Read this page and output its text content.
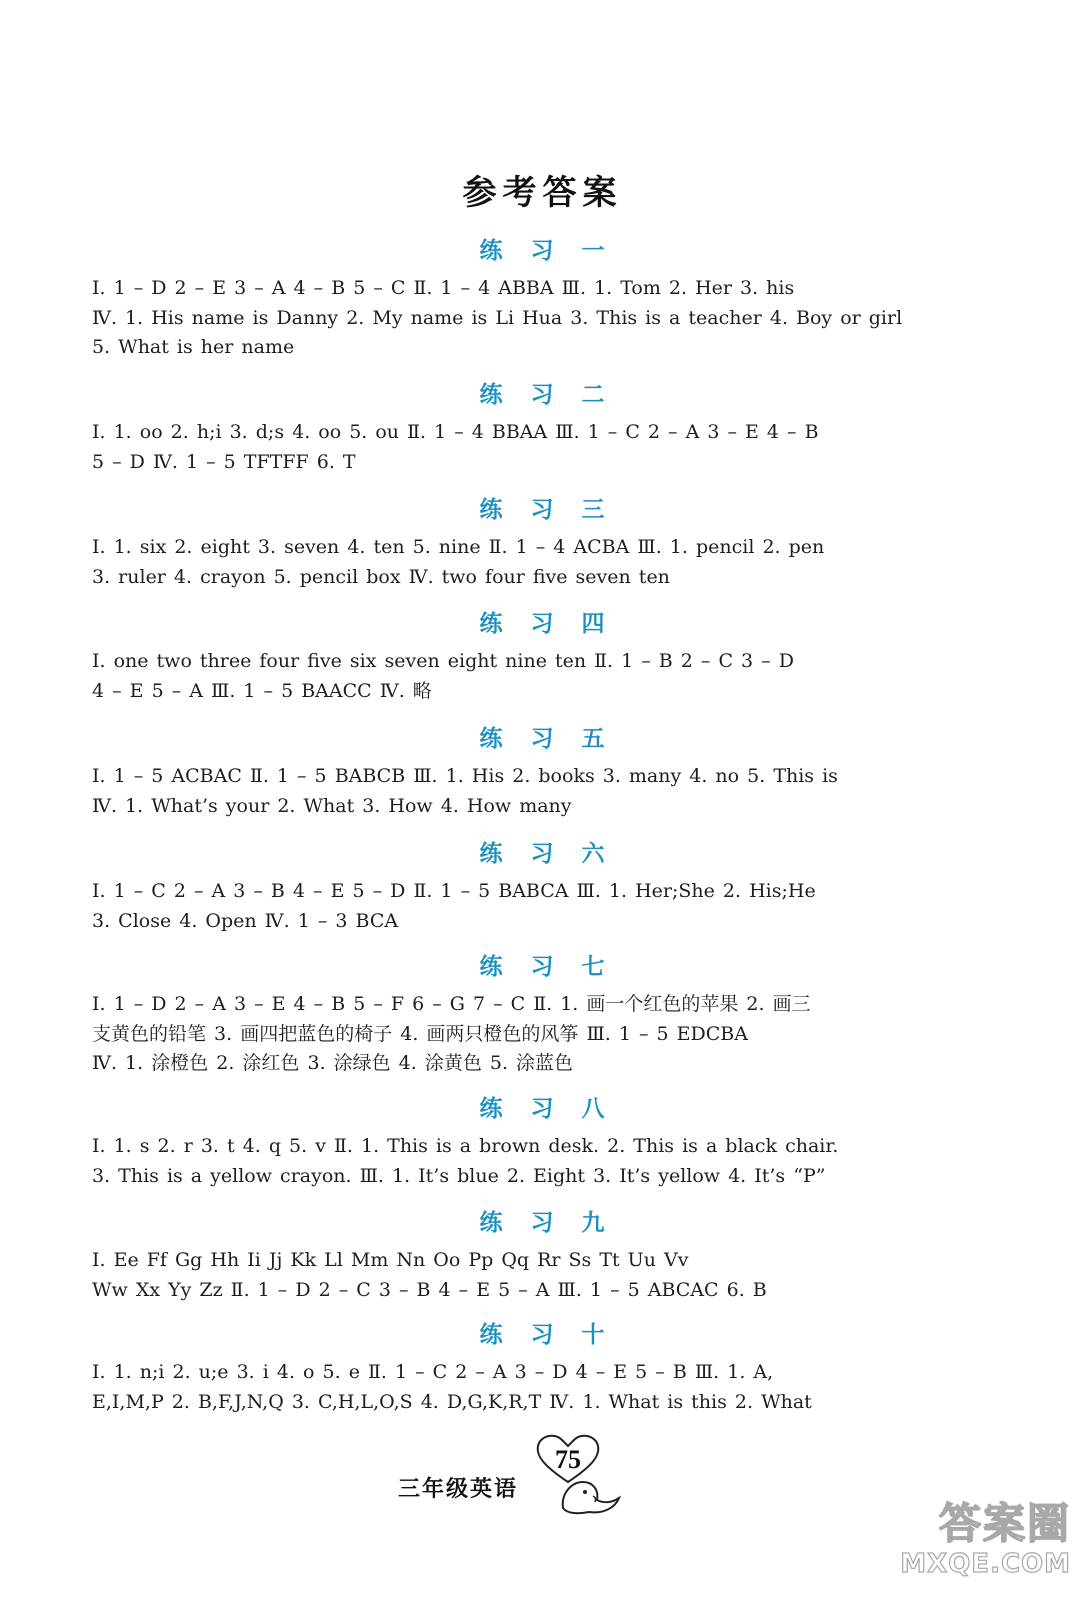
参考答案
练习一
Ⅰ. 1 – D 2 – E 3 – A 4 – B 5 – C Ⅱ. 1 – 4 ABBA Ⅲ. 1. Tom 2. Her 3. his
Ⅳ. 1. His name is Danny 2. My name is Li Hua 3. This is a teacher 4. Boy or girl
5. What is her name
练习二
Ⅰ. 1. oo 2. h;i 3. d;s 4. oo 5. ou Ⅱ. 1 – 4 BBAA Ⅲ. 1 – C 2 – A 3 – E 4 – B
5 – D Ⅳ. 1 – 5 TFTFF 6. T
练习三
Ⅰ. 1. six 2. eight 3. seven 4. ten 5. nine Ⅱ. 1 – 4 ACBA Ⅲ. 1. pencil 2. pen
3. ruler 4. crayon 5. pencil box Ⅳ. two four five seven ten
练习四
Ⅰ. one two three four five six seven eight nine ten Ⅱ. 1 – B 2 – C 3 – D
4 – E 5 – A Ⅲ. 1 – 5 BAACC Ⅳ. 略
练习五
Ⅰ. 1 – 5 ACBAC Ⅱ. 1 – 5 BABCB Ⅲ. 1. His 2. books 3. many 4. no 5. This is
Ⅳ. 1. What’s your 2. What 3. How 4. How many
练习六
Ⅰ. 1 – C 2 – A 3 – B 4 – E 5 – D Ⅱ. 1 – 5 BABCA Ⅲ. 1. Her;She 2. His;He
3. Close 4. Open Ⅳ. 1 – 3 BCA
练习七
Ⅰ. 1 – D 2 – A 3 – E 4 – B 5 – F 6 – G 7 – C Ⅱ. 1. 画一个红色的苹果 2. 画三
支黄色的铅笔 3. 画四把蓝色的椅子 4. 画两只橙色的风筝 Ⅲ. 1 – 5 EDCBA
Ⅳ. 1. 涂橙色 2. 涂红色 3. 涂绿色 4. 涂黄色 5. 涂蓝色
练习八
Ⅰ. 1. s 2. r 3. t 4. q 5. v Ⅱ. 1. This is a brown desk. 2. This is a black chair.
3. This is a yellow crayon. Ⅲ. 1. It’s blue 2. Eight 3. It’s yellow 4. It’s “P”
练习九
Ⅰ. Ee Ff Gg Hh Ii Jj Kk Ll Mm Nn Oo Pp Qq Rr Ss Tt Uu Vv
Ww Xx Yy Zz Ⅱ. 1 – D 2 – C 3 – B 4 – E 5 – A Ⅲ. 1 – 5 ABCAC 6. B
练习十
Ⅰ. 1. n;i 2. u;e 3. i 4. o 5. e Ⅱ. 1 – C 2 – A 3 – D 4 – E 5 – B Ⅲ. 1. A,
E,I,M,P 2. B,F,J,N,Q 3. C,H,L,O,S 4. D,G,K,R,T Ⅳ. 1. What is this 2. What
75
三年级英语
答案圈
MXQE.COM
